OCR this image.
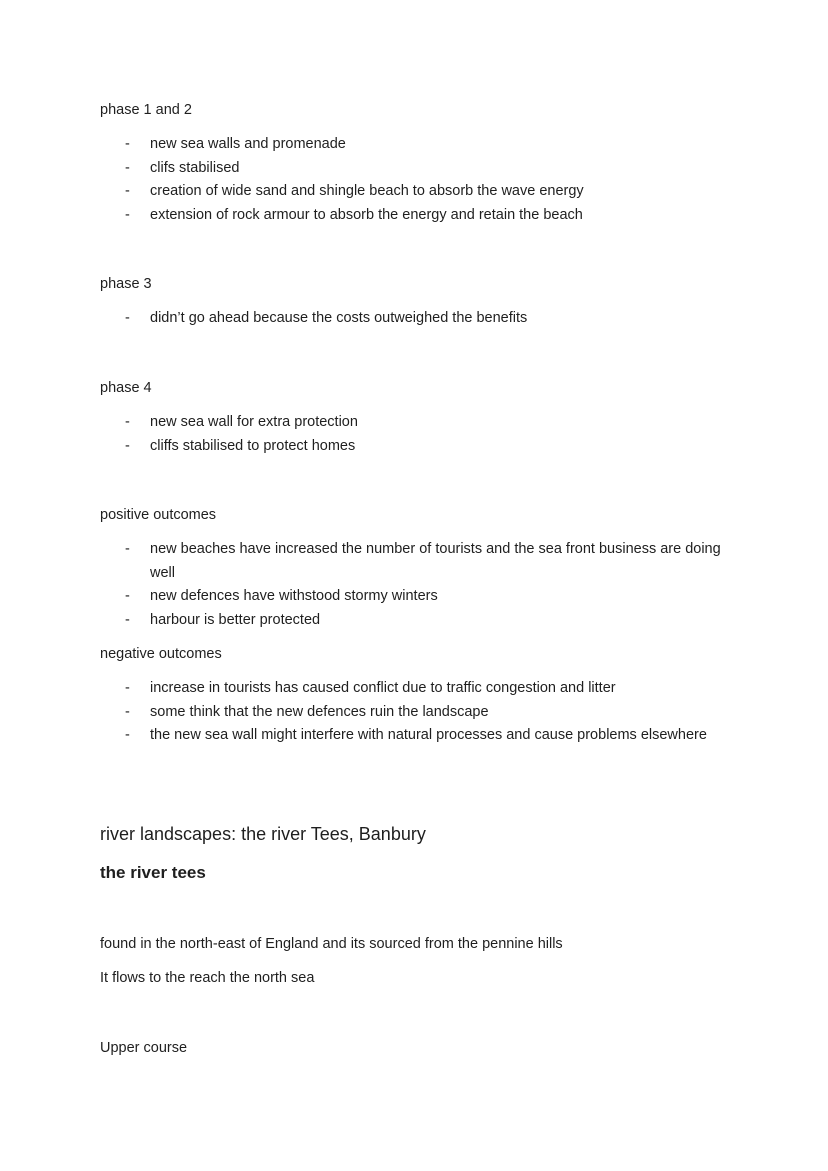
phase 1 and 2
- new sea walls and promenade
- clifs stabilised
- creation of wide sand and shingle beach to absorb the wave energy
- extension of rock armour to absorb the energy and retain the beach
phase 3
- didn’t go ahead because the costs outweighed the benefits
phase 4
- new sea wall for extra protection
- cliffs stabilised to protect homes
positive outcomes
- new beaches have increased the number of tourists and the sea front business are doing well
- new defences have withstood stormy winters
- harbour is better protected
negative outcomes
- increase in tourists has caused conflict due to traffic congestion and litter
- some think that the new defences ruin the landscape
- the new sea wall might interfere with natural processes and cause problems elsewhere
river landscapes: the river Tees, Banbury
the river tees

found in the north-east of England and its sourced from the pennine hills

It flows to the reach the north sea

Upper course
